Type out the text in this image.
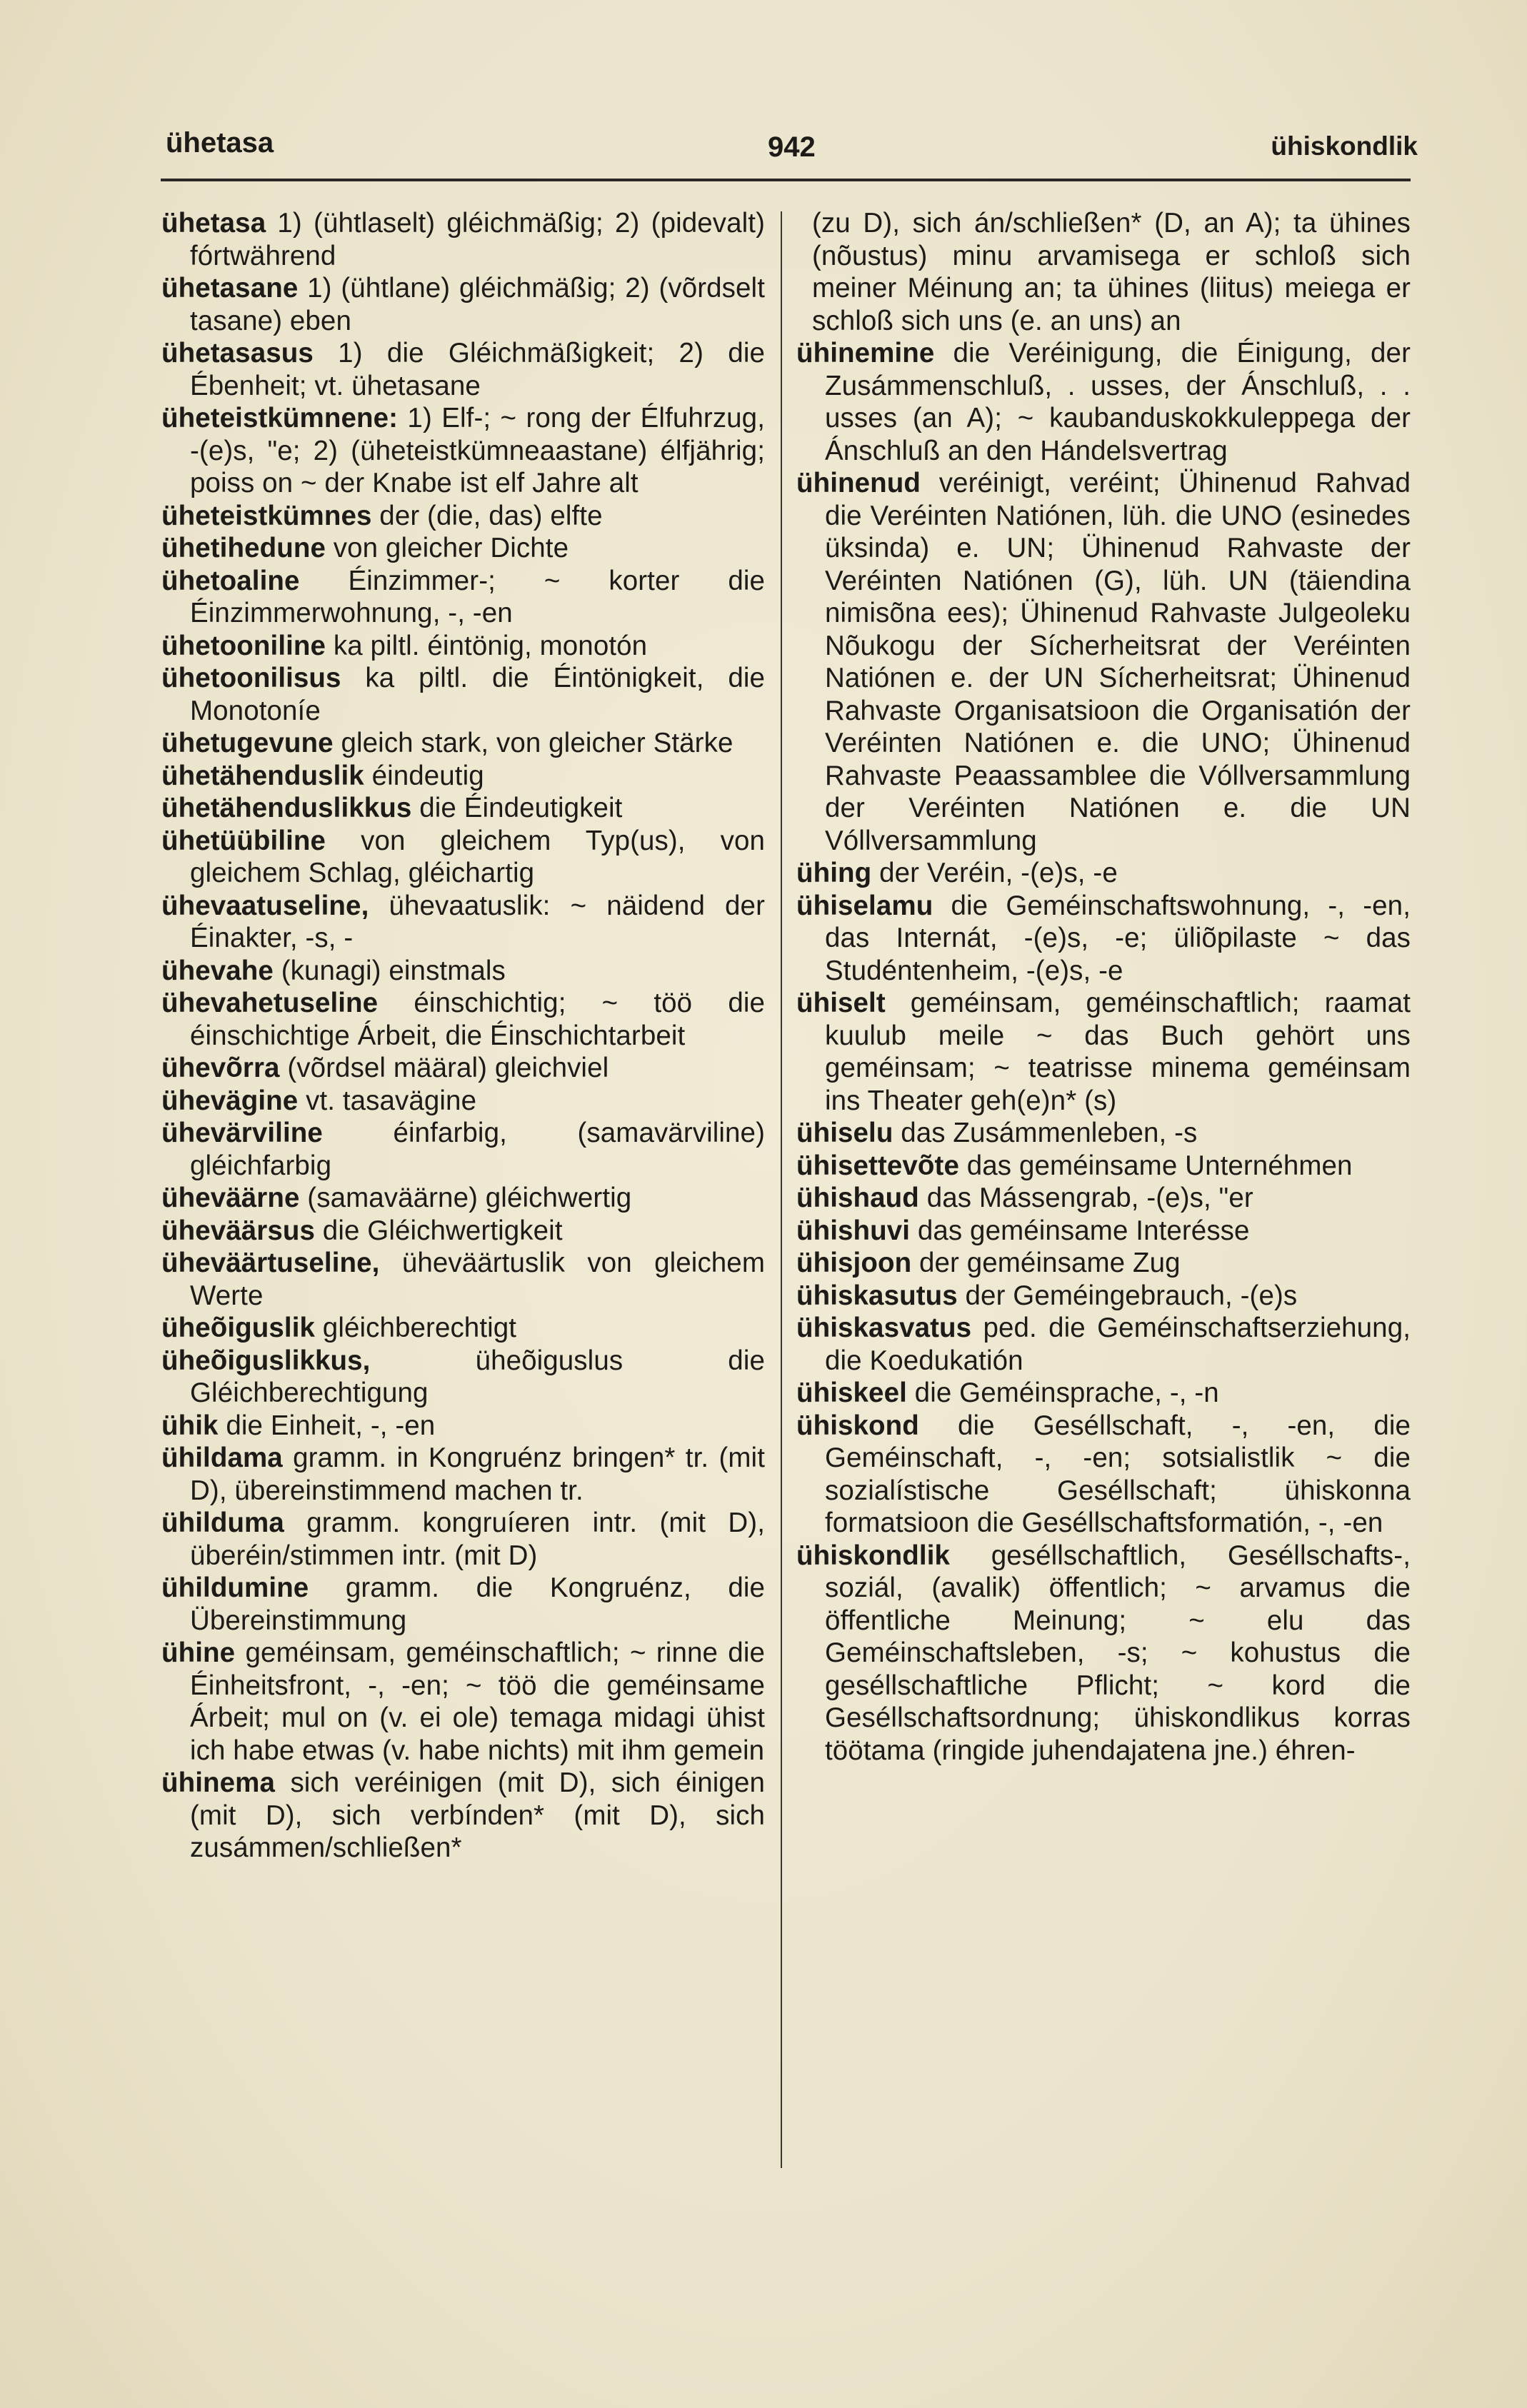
ühetasa	942	ühiskondlik

ühetasa 1) (ühtlaselt) gléichmäßig; 2) (pidevalt) fórtwährend

ühetasane 1) (ühtlane) gléichmäßig; 2) (võrdselt tasane) eben

ühetasasus 1) die Gléichmäßigkeit; 2) die Ébenheit; vt. ühetasane

üheteistkümnene: 1) Elf-; ~ rong der Élfuhrzug, -(e)s, "e; 2) (üheteistkümneaastane) élfjährig; poiss on ~ der Knabe ist elf Jahre alt

üheteistkümnes der (die, das) elfte

ühetihedune von gleicher Dichte

ühetoaline Éinzimmer-; ~ korter die Éinzimmerwohnung, -, -en

ühetooniline ka piltl. éintönig, monotón

ühetoonilisus ka piltl. die Éintönigkeit, die Monotoníe

ühetugevune gleich stark, von gleicher Stärke

ühetähenduslik éindeutig

ühetähenduslikkus die Éindeutigkeit

ühetüübiline von gleichem Typ(us), von gleichem Schlag, gléichartig

ühevaatuseline, ühevaatuslik: ~ näidend der Éinakter, -s, -

ühevahe (kunagi) einstmals

ühevahetuseline éinschichtig; ~ töö die éinschichtige Árbeit, die Éinschichtarbeit

ühevõrra (võrdsel määral) gleichviel

ühevägine vt. tasavägine

ühevärviline éinfarbig, (samavärviline) gléichfarbig

üheväärne (samaväärne) gléichwertig

üheväärsus die Gléichwertigkeit

üheväärtuseline, üheväärtuslik von gleichem Werte

üheõiguslik gléichberechtigt

üheõiguslikkus, üheõiguslus die Gléichberechtigung

ühik die Einheit, -, -en

ühildama gramm. in Kongruénz bringen* tr. (mit D), übereinstimmend machen tr.

ühilduma gramm. kongruíeren intr. (mit D), überéin/stimmen intr. (mit D)

ühildumine gramm. die Kongruénz, die Übereinstimmung

ühine geméinsam, geméinschaftlich; ~ rinne die Éinheitsfront, -, -en; ~ töö die geméinsame Árbeit; mul on (v. ei ole) temaga midagi ühist ich habe etwas (v. habe nichts) mit ihm gemein

ühinema sich veréinigen (mit D), sich éinigen (mit D), sich verbínden* (mit D), sich zusámmen/schließen*

(zu D), sich án/schließen* (D, an A); ta ühines (nõustus) minu arvamisega er schloß sich meiner Méinung an; ta ühines (liitus) meiega er schloß sich uns (e. an uns) an

ühinemine die Veréinigung, die Éinigung, der Zusámmenschluß, . usses, der Ánschluß, . . usses (an A); ~ kaubanduskokkuleppega der Ánschluß an den Hándelsvertrag

ühinenud veréinigt, veréint; Ühinenud Rahvad die Veréinten Natiónen, lüh. die UNO (esinedes üksinda) e. UN; Ühinenud Rahvaste der Veréinten Natiónen (G), lüh. UN (täiendina nimisõna ees); Ühinenud Rahvaste Julgeoleku Nõukogu der Sícherheitsrat der Veréinten Natiónen e. der UN Sícherheitsrat; Ühinenud Rahvaste Organisatsioon die Organisatión der Veréinten Natiónen e. die UNO; Ühinenud Rahvaste Peaassamblee die Vóllversammlung der Veréinten Natiónen e. die UN Vóllversammlung

ühing der Veréin, -(e)s, -e

ühiselamu die Geméinschaftswohnung, -, -en, das Internát, -(e)s, -e; üliõpilaste ~ das Studéntenheim, -(e)s, -e

ühiselt geméinsam, geméinschaftlich; raamat kuulub meile ~ das Buch gehört uns geméinsam; ~ teatrisse minema geméinsam ins Theater geh(e)n* (s)

ühiselu das Zusámmenleben, -s

ühisettevõte das geméinsame Unternéhmen

ühishaud das Mássengrab, -(e)s, "er

ühishuvi das geméinsame Interésse

ühisjoon der geméinsame Zug

ühiskasutus der Geméingebrauch, -(e)s

ühiskasvatus ped. die Geméinschaftserziehung, die Koedukatión

ühiskeel die Geméinsprache, -, -n

ühiskond die Geséllschaft, -, -en, die Geméinschaft, -, -en; sotsialistlik ~ die sozialístische Geséllschaft; ühiskonna formatsioon die Geséllschaftsformatión, -, -en

ühiskondlik geséllschaftlich, Geséllschafts-, soziál, (avalik) öffentlich; ~ arvamus die öffentliche Meinung; ~ elu das Geméinschaftsleben, -s; ~ kohustus die geséllschaftliche Pflicht; ~ kord die Geséllschaftsordnung; ühiskondlikus korras töötama (ringide juhendajatena jne.) éhren-
